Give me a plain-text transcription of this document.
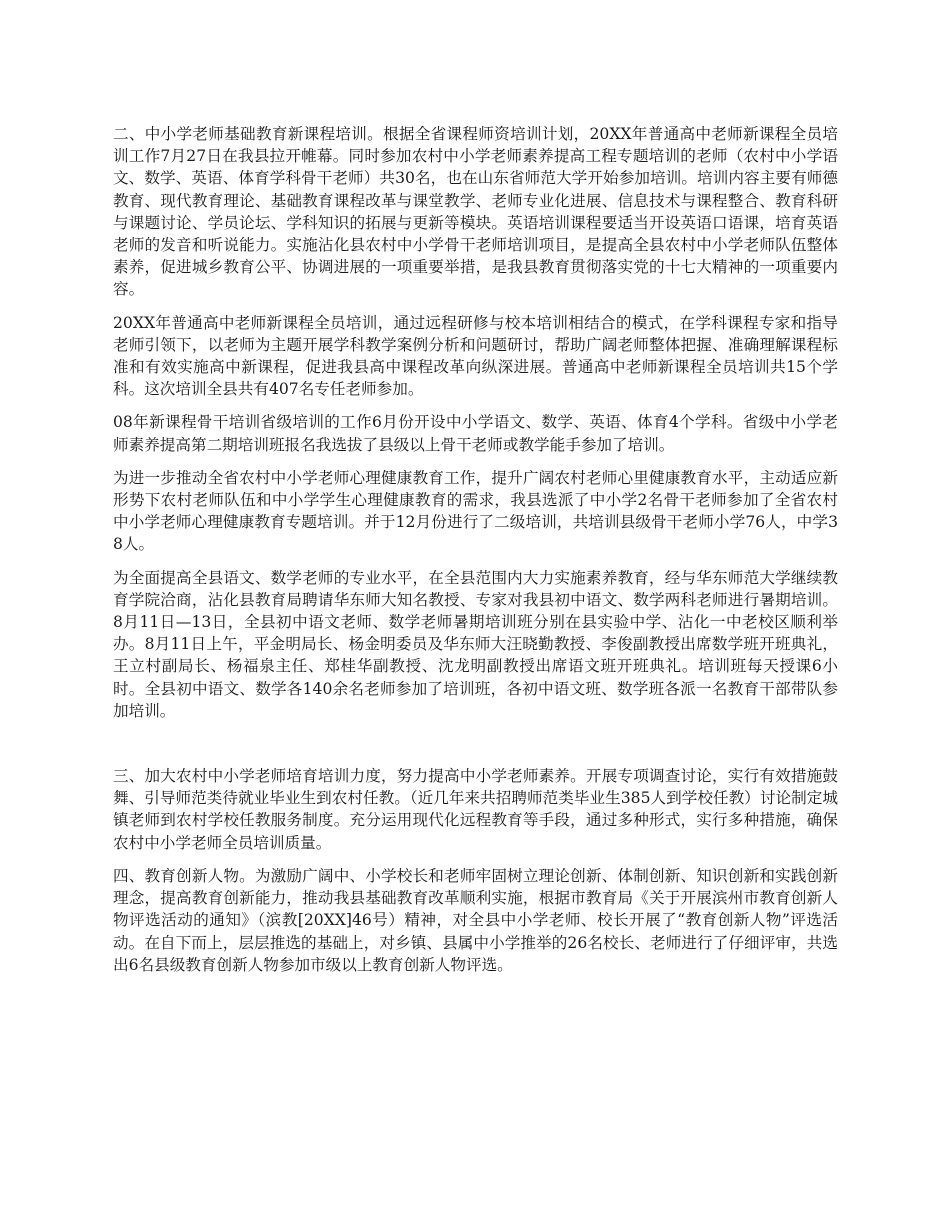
二、中小学老师基础教育新课程培训。根据全省课程师资培训计划，20XX年普通高中老师新课程全员培训工作7月27日在我县拉开帷幕。同时参加农村中小学老师素养提高工程专题培训的老师（农村中小学语文、数学、英语、体育学科骨干老师）共30名，也在山东省师范大学开始参加培训。培训内容主要有师德教育、现代教育理论、基础教育课程改革与课堂教学、老师专业化进展、信息技术与课程整合、教育科研与课题讨论、学员论坛、学科知识的拓展与更新等模块。英语培训课程要适当开设英语口语课，培育英语老师的发音和听说能力。实施沾化县农村中小学骨干老师培训项目，是提高全县农村中小学老师队伍整体素养，促进城乡教育公平、协调进展的一项重要举措，是我县教育贯彻落实党的十七大精神的一项重要内容。

20XX年普通高中老师新课程全员培训，通过远程研修与校本培训相结合的模式，在学科课程专家和指导老师引领下，以老师为主题开展学科教学案例分析和问题研讨，帮助广阔老师整体把握、准确理解课程标准和有效实施高中新课程，促进我县高中课程改革向纵深进展。普通高中老师新课程全员培训共15个学科。这次培训全县共有407名专任老师参加。

08年新课程骨干培训省级培训的工作6月份开设中小学语文、数学、英语、体育4个学科。省级中小学老师素养提高第二期培训班报名我选拔了县级以上骨干老师或教学能手参加了培训。

为进一步推动全省农村中小学老师心理健康教育工作，提升广阔农村老师心里健康教育水平，主动适应新形势下农村老师队伍和中小学学生心理健康教育的需求，我县选派了中小学2名骨干老师参加了全省农村中小学老师心理健康教育专题培训。并于12月份进行了二级培训，共培训县级骨干老师小学76人，中学38人。

为全面提高全县语文、数学老师的专业水平，在全县范围内大力实施素养教育，经与华东师范大学继续教育学院洽商，沾化县教育局聘请华东师大知名教授、专家对我县初中语文、数学两科老师进行暑期培训。8月11日—13日，全县初中语文老师、数学老师暑期培训班分别在县实验中学、沾化一中老校区顺利举办。8月11日上午，平金明局长、杨金明委员及华东师大汪晓勤教授、李俊副教授出席数学班开班典礼，王立村副局长、杨福泉主任、郑桂华副教授、沈龙明副教授出席语文班开班典礼。培训班每天授课6小时。全县初中语文、数学各140余名老师参加了培训班，各初中语文班、数学班各派一名教育干部带队参加培训。

三、加大农村中小学老师培育培训力度，努力提高中小学老师素养。开展专项调查讨论，实行有效措施鼓舞、引导师范类待就业毕业生到农村任教。（近几年来共招聘师范类毕业生385人到学校任教）讨论制定城镇老师到农村学校任教服务制度。充分运用现代化远程教育等手段，通过多种形式，实行多种措施，确保农村中小学老师全员培训质量。

四、教育创新人物。为激励广阔中、小学校长和老师牢固树立理论创新、体制创新、知识创新和实践创新理念，提高教育创新能力，推动我县基础教育改革顺利实施，根据市教育局《关于开展滨州市教育创新人物评选活动的通知》（滨教[20XX]46号）精神，对全县中小学老师、校长开展了“教育创新人物”评选活动。在自下而上，层层推选的基础上，对乡镇、县属中小学推举的26名校长、老师进行了仔细评审，共选出6名县级教育创新人物参加市级以上教育创新人物评选。
